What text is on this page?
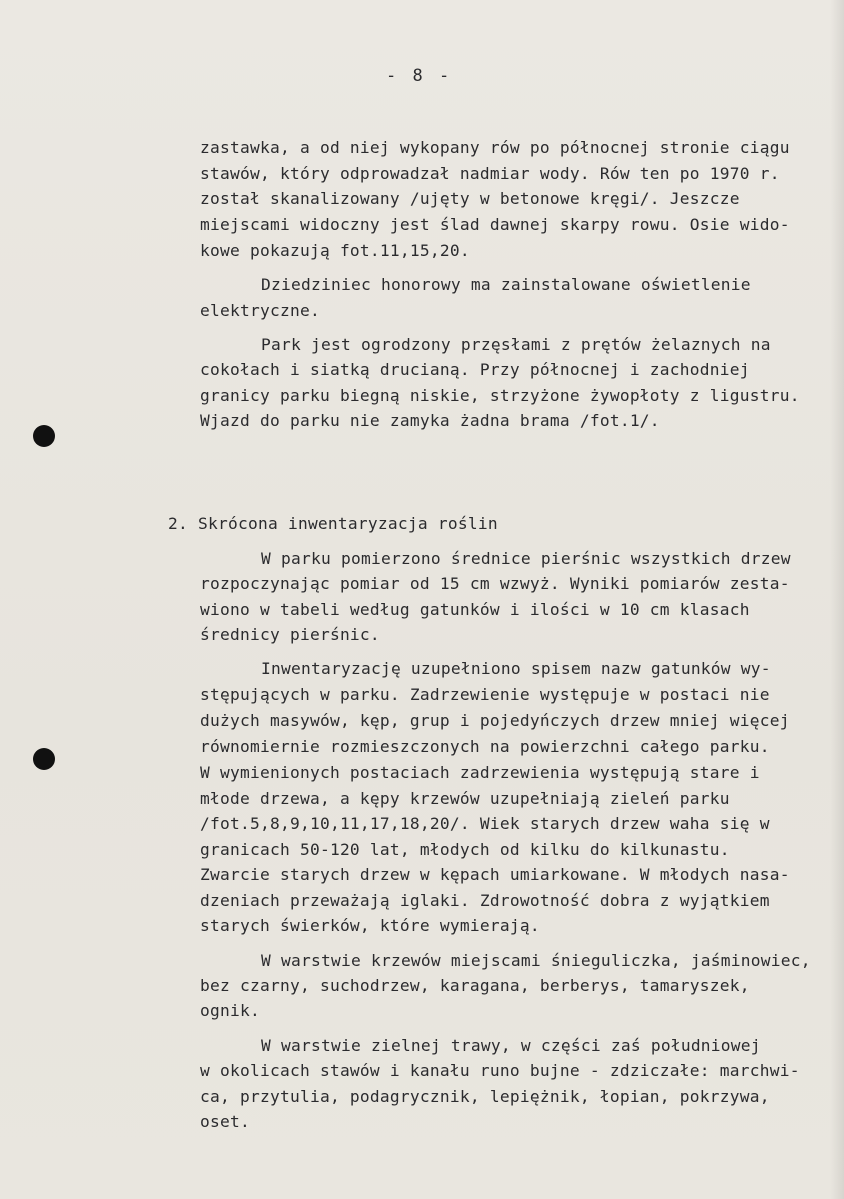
- 8 -
zastawka, a od niej wykopany rów po północnej stronie ciągu
stawów, który odprowadzał nadmiar wody. Rów ten po 1970 r.
został skanalizowany /ujęty w betonowe kręgi/. Jeszcze
miejscami widoczny jest ślad dawnej skarpy rowu. Osie wido-
kowe pokazują fot.11,15,20.
Dziedziniec honorowy ma zainstalowane oświetlenie
elektryczne.
Park jest ogrodzony przęsłami z prętów żelaznych na
cokołach i siatką drucianą. Przy północnej i zachodniej
granicy parku biegną niskie, strzyżone żywopłoty z ligustru.
Wjazd do parku nie zamyka żadna brama /fot.1/.
2. Skrócona inwentaryzacja roślin
W parku pomierzono średnice pierśnic wszystkich drzew
rozpoczynając pomiar od 15 cm wzwyż. Wyniki pomiarów zesta-
wiono w tabeli według gatunków i ilości w 10 cm klasach
średnicy pierśnic.
Inwentaryzację uzupełniono spisem nazw gatunków wy-
stępujących w parku. Zadrzewienie występuje w postaci nie
dużych masywów, kęp, grup i pojedyńczych drzew mniej więcej
równomiernie rozmieszczonych na powierzchni całego parku.
W wymienionych postaciach zadrzewienia występują stare i
młode drzewa, a kępy krzewów uzupełniają zieleń parku
/fot.5,8,9,10,11,17,18,20/. Wiek starych drzew waha się w
granicach 50-120 lat, młodych od kilku do kilkunastu.
Zwarcie starych drzew w kępach umiarkowane. W młodych nasa-
dzeniach przeważają iglaki. Zdrowotność dobra z wyjątkiem
starych świerków, które wymierają.
W warstwie krzewów miejscami śnieguliczka, jaśminowiec,
bez czarny, suchodrzew, karagana, berberys, tamaryszek,
ognik.
W warstwie zielnej trawy, w części zaś południowej
w okolicach stawów i kanału runo bujne - zdziczałe: marchwi-
ca, przytulia, podagrycznik, lepiężnik, łopian, pokrzywa,
oset.
